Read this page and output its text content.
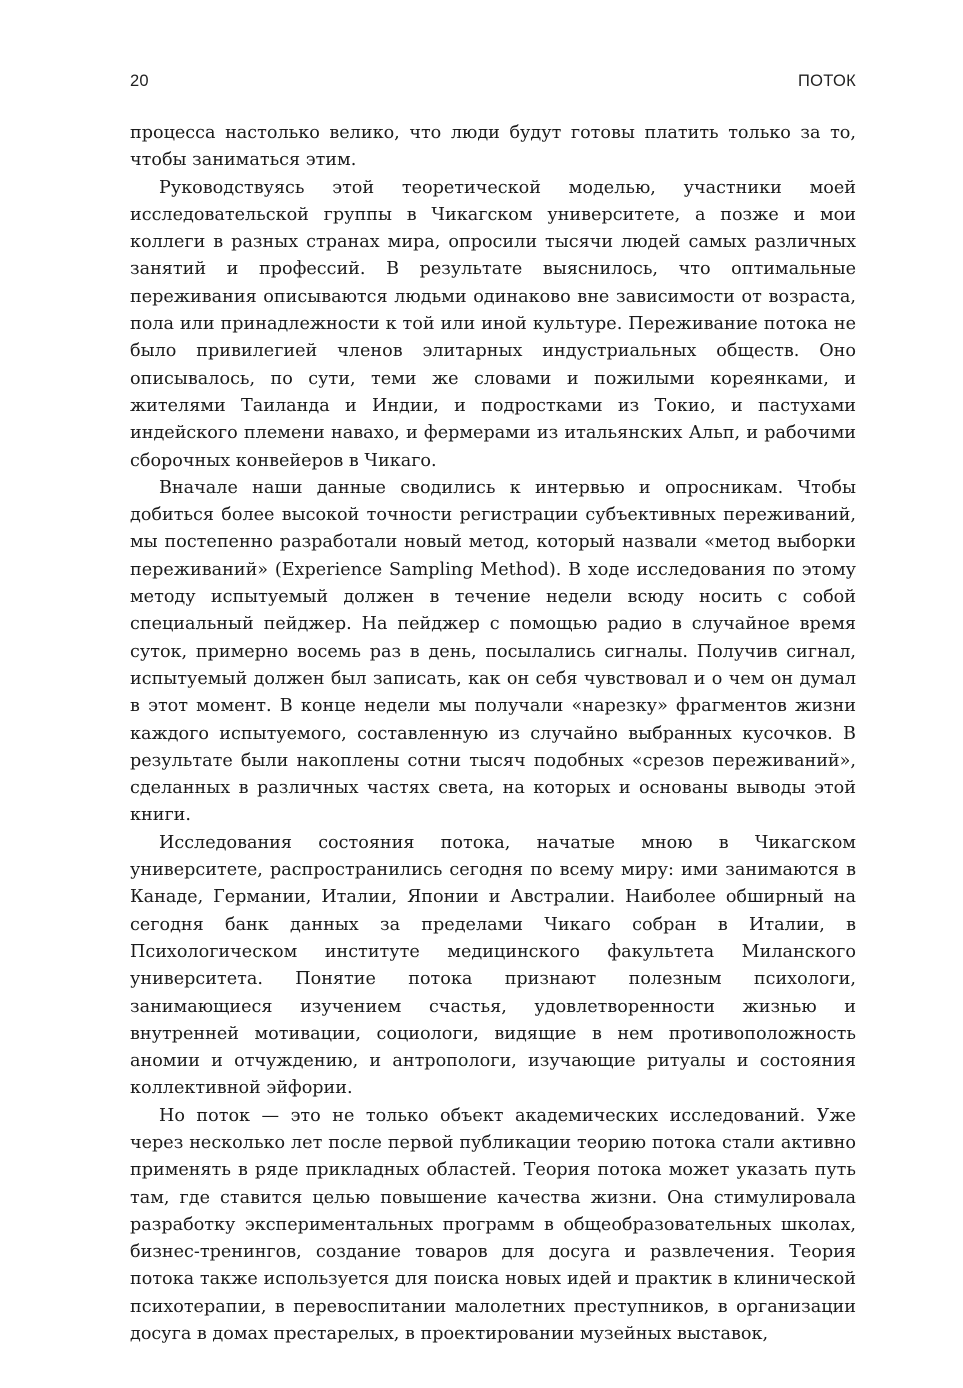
20	ПОТОК

процесса настолько велико, что люди будут готовы платить только за то, чтобы заниматься этим.

Руководствуясь этой теоретической моделью, участники моей исследовательской группы в Чикагском университете, а позже и мои коллеги в разных странах мира, опросили тысячи людей самых различных занятий и профессий. В результате выяснилось, что оптимальные переживания описываются людьми одинаково вне зависимости от возраста, пола или принадлежности к той или иной культуре. Переживание потока не было привилегией членов элитарных индустриальных обществ. Оно описывалось, по сути, теми же словами и пожилыми кореянками, и жителями Таиланда и Индии, и подростками из Токио, и пастухами индейского племени навахо, и фермерами из итальянских Альп, и рабочими сборочных конвейеров в Чикаго.

Вначале наши данные сводились к интервью и опросникам. Чтобы добиться более высокой точности регистрации субъективных переживаний, мы постепенно разработали новый метод, который назвали «метод выборки переживаний» (Experience Sampling Method). В ходе исследования по этому методу испытуемый должен в течение недели всюду носить с собой специальный пейджер. На пейджер с помощью радио в случайное время суток, примерно восемь раз в день, посылались сигналы. Получив сигнал, испытуемый должен был записать, как он себя чувствовал и о чем он думал в этот момент. В конце недели мы получали «нарезку» фрагментов жизни каждого испытуемого, составленную из случайно выбранных кусочков. В результате были накоплены сотни тысяч подобных «срезов переживаний», сделанных в различных частях света, на которых и основаны выводы этой книги.

Исследования состояния потока, начатые мною в Чикагском университете, распространились сегодня по всему миру: ими занимаются в Канаде, Германии, Италии, Японии и Австралии. Наиболее обширный на сегодня банк данных за пределами Чикаго собран в Италии, в Психологическом институте медицинского факультета Миланского университета. Понятие потока признают полезным психологи, занимающиеся изучением счастья, удовлетворенности жизнью и внутренней мотивации, социологи, видящие в нем противоположность аномии и отчуждению, и антропологи, изучающие ритуалы и состояния коллективной эйфории.

Но поток — это не только объект академических исследований. Уже через несколько лет после первой публикации теорию потока стали активно применять в ряде прикладных областей. Теория потока может указать путь там, где ставится целью повышение качества жизни. Она стимулировала разработку экспериментальных программ в общеобразовательных школах, бизнес-тренингов, создание товаров для досуга и развлечения. Теория потока также используется для поиска новых идей и практик в клинической психотерапии, в перевоспитании малолетних преступников, в организации досуга в домах престарелых, в проектировании музейных выставок,
